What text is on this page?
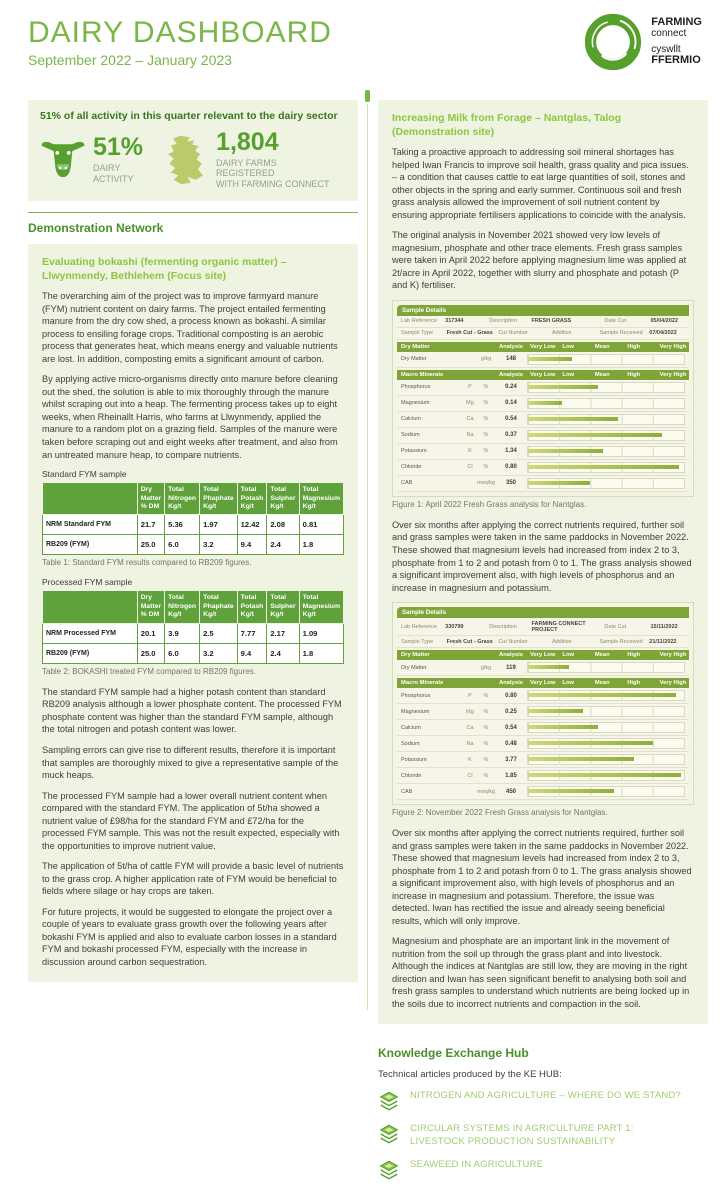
DAIRY DASHBOARD
September 2022 – January 2023
FARMING
connect
cyswllt
FFERMIO
51% of all activity in this quarter relevant to the dairy sector
51%
DAIRY
ACTIVITY
1,804
DAIRY FARMS REGISTERED
WITH FARMING CONNECT
Demonstration Network
Evaluating bokashi (fermenting organic matter) – Llwynmendy, Bethlehem (Focus site)

The overarching aim of the project was to improve farmyard manure (FYM) nutrient content on dairy farms. The project entailed fermenting manure from the dry cow shed, a process known as bokashi. A similar process to ensiling forage crops. Traditional composting is an aerobic process that generates heat, which means energy and valuable nutrients are lost. In addition, composting emits a significant amount of carbon.

By applying active micro-organisms directly onto manure before cleaning out the shed, the solution is able to mix thoroughly through the manure whilst scraping out into a heap. The fermenting process takes up to eight weeks, when Rheinallt Harris, who farms at Llwynmendy, applied the manure to a random plot on a grazing field. Samples of the manure were taken before scraping out and eight weeks after treatment, and also from an untreated manure heap, to compare nutrients.

Standard FYM sample
	Dry Matter % DM	Total Nitrogen Kg/t	Total Phaphate Kg/t	Total Potash Kg/t	Total Sulpher Kg/t	Total Magnesium Kg/t
NRM Standard FYM	21.7	5.36	1.97	12.42	2.08	0.81
RB209 (FYM)	25.0	6.0	3.2	9.4	2.4	1.8
Table 1: Standard FYM results compared to RB209 figures.
Processed FYM sample
	Dry Matter % DM	Total Nitrogen Kg/t	Total Phaphate Kg/t	Total Potash Kg/t	Total Sulpher Kg/t	Total Magnesium Kg/t
NRM Processed FYM	20.1	3.9	2.5	7.77	2.17	1.09
RB209 (FYM)	25.0	6.0	3.2	9.4	2.4	1.8
Table 2: BOKASHI treated FYM compared to RB209 figures.

The standard FYM sample had a higher potash content than standard RB209 analysis although a lower phosphate content. The processed FYM phosphate content was higher than the standard FYM sample, although the total nitrogen and potash content was lower.

Sampling errors can give rise to different results, therefore it is important that samples are thoroughly mixed to give a representative sample of the muck heaps.

The processed FYM sample had a lower overall nutrient content when compared with the standard FYM. The application of 5t/ha showed a nutrient value of £98/ha for the standard FYM and £72/ha for the processed FYM sample. This was not the result expected, especially with the opportunities to improve nutrient value.

The application of 5t/ha of cattle FYM will provide a basic level of nutrients to the grass crop. A higher application rate of FYM would be beneficial to fields where silage or hay crops are taken.

For future projects, it would be suggested to elongate the project over a couple of years to evaluate grass growth over the following years after bokashi FYM is applied and also to evaluate carbon losses in a standard FYM and bokashi processed FYM, especially with the increase in discussion around carbon sequestration.

Increasing Milk from Forage – Nantglas, Talog (Demonstration site)

Taking a proactive approach to addressing soil mineral shortages has helped Iwan Francis to improve soil health, grass quality and pica issues. – a condition that causes cattle to eat large quantities of soil, stones and other objects in the spring and early summer. Continuous soil and fresh grass analysis allowed the improvement of soil nutrient content by ensuring appropriate fertilisers applications to coincide with the analysis.

The original analysis in November 2021 showed very low levels of magnesium, phosphate and other trace elements. Fresh grass samples were taken in April 2022 before applying magnesium lime was applied at 2t/acre in April 2022, together with slurry and phosphate and potash (P and K) fertiliser.

Sample Details
Lab Reference	317344	Description	FRESH GRASS	Date Cut	05/04/2022
Sample Type	Fresh Cut - Grass Cut Number	Additive	Sample Received	07/04/2022
Dry Matter	Analysis	Very Low	Low	Mean	High	Very High
Dry Matter	g/kg	148
Macro Minerals	Analysis	Very Low	Low	Mean	High	Very High
Phosphorus	P	%	0.24
Magnesium	Mg	%	0.14
Calcium	Ca	%	0.54
Sodium	Na	%	0.37
Potassium	K	%	1.34
Chloride	Cl	%	0.80
CAB	meq/kg	350
Figure 1: April 2022 Fresh Grass analysis for Nantglas.

Over six months after applying the correct nutrients required, further soil and grass samples were taken in the same paddocks in November 2022. These showed that magnesium levels had increased from index 2 to 3, phosphate from 1 to 2 and potash from 0 to 1. The grass analysis showed a significant improvement also, with high levels of phosphorus and an increase in magnesium and potassium.

Sample Details
Lab Reference	330799	Description	FARMING CONNECT PROJECT	Date Cut	15/11/2022
Sample Type	Fresh Cut - Grass Cut Number	Additive	Sample Received	21/11/2022
Dry Matter	Analysis	Very Low	Low	Mean	High	Very High
Dry Matter	g/kg	119
Macro Minerals	Analysis	Very Low	Low	Mean	High	Very High
Phosphorus	P	%	0.80
Magnesium	Mg	%	0.25
Calcium	Ca	%	0.54
Sodium	Na	%	0.48
Potassium	K	%	3.77
Chloride	Cl	%	1.85
CAB	meq/kg	450
Figure 2: November 2022 Fresh Grass anaiysis for Nantglas.

Over six months after applying the correct nutrients required, further soil and grass samples were taken in the same paddocks in November 2022. These showed that magnesium levels had increased from index 2 to 3, phosphate from 1 to 2 and potash from 0 to 1. The grass analysis showed a significant improvement also, with high levels of phosphorus and an increase in magnesium and potassium. Therefore, the issue was detected. Iwan has rectified the issue and already seeing beneficial results, which will only improve.

Magnesium and phosphate are an important link in the movement of nutrition from the soil up through the grass plant and into livestock. Although the indices at Nantglas are still low, they are moving in the right direction and Iwan has seen significant benefit to analysing both soil and fresh grass samples to understand which nutrients are being locked up in the soils due to incorrect nutrients and compaction in the soil.

Knowledge Exchange Hub
Technical articles produced by the KE HUB:
NITROGEN AND AGRICULTURE – WHERE DO WE STAND?
CIRCULAR SYSTEMS IN AGRICULTURE PART 1: LIVESTOCK PRODUCTION SUSTAINABILITY
SEAWEED IN AGRICULTURE
